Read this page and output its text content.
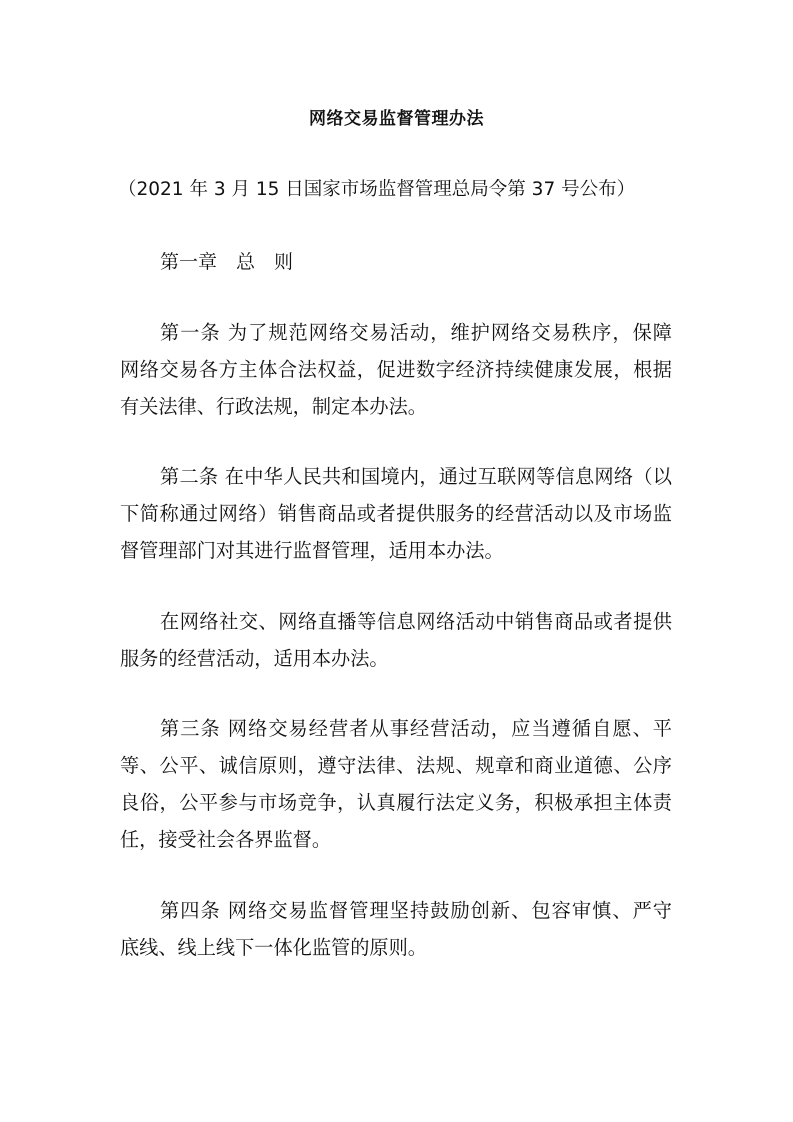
网络交易监督管理办法
（2021 年 3 月 15 日国家市场监督管理总局令第 37 号公布）
第一章　总　则
第一条 为了规范网络交易活动，维护网络交易秩序，保障
网络交易各方主体合法权益，促进数字经济持续健康发展，根据
有关法律、行政法规，制定本办法。
第二条 在中华人民共和国境内，通过互联网等信息网络（以
下简称通过网络）销售商品或者提供服务的经营活动以及市场监
督管理部门对其进行监督管理，适用本办法。
在网络社交、网络直播等信息网络活动中销售商品或者提供
服务的经营活动，适用本办法。
第三条 网络交易经营者从事经营活动，应当遵循自愿、平
等、公平、诚信原则，遵守法律、法规、规章和商业道德、公序
良俗，公平参与市场竞争，认真履行法定义务，积极承担主体责
任，接受社会各界监督。
第四条 网络交易监督管理坚持鼓励创新、包容审慎、严守
底线、线上线下一体化监管的原则。
